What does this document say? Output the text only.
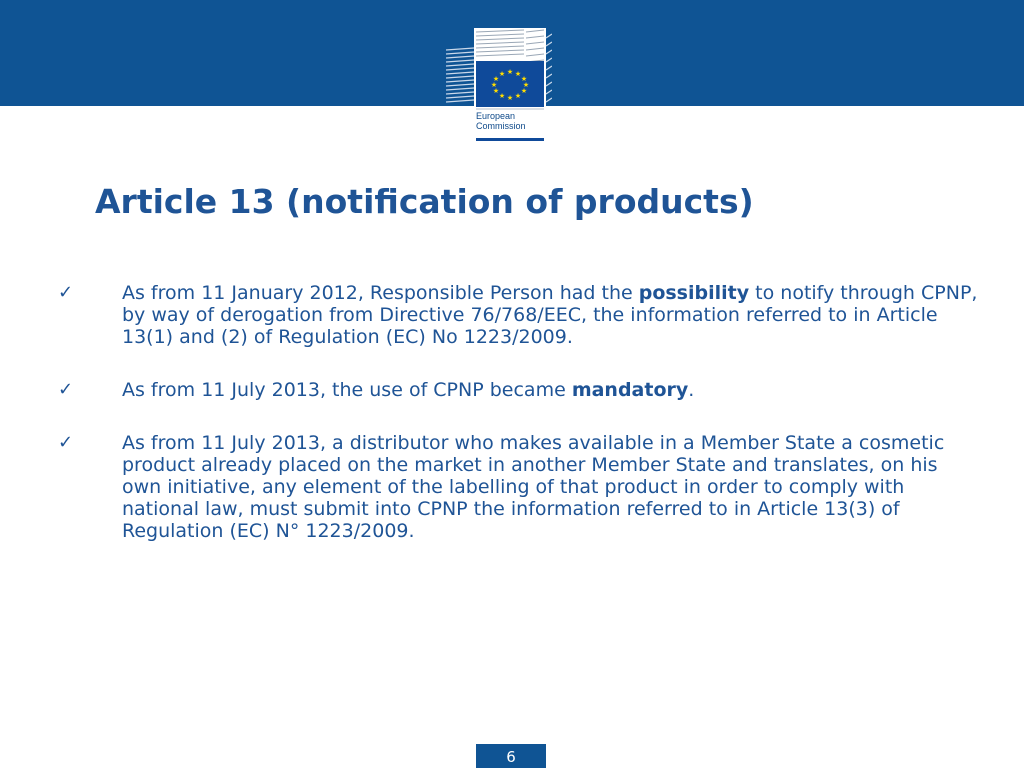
★ ★
★
★
★
★
★
★
★
★
★
★
European
Commission
Article 13 (notification of products)
✓	As from 11 January 2012, Responsible Person had the possibility to notify through CPNP, by way of derogation from Directive 76/768/EEC, the information referred to in Article 13(1) and (2) of Regulation (EC) No 1223/2009.
✓	As from 11 July 2013, the use of CPNP became mandatory.
✓	As from 11 July 2013, a distributor who makes available in a Member State a cosmetic product already placed on the market in another Member State and translates, on his own initiative, any element of the labelling of that product in order to comply with national law, must submit into CPNP the information referred to in Article 13(3) of Regulation (EC) N° 1223/2009.
6
